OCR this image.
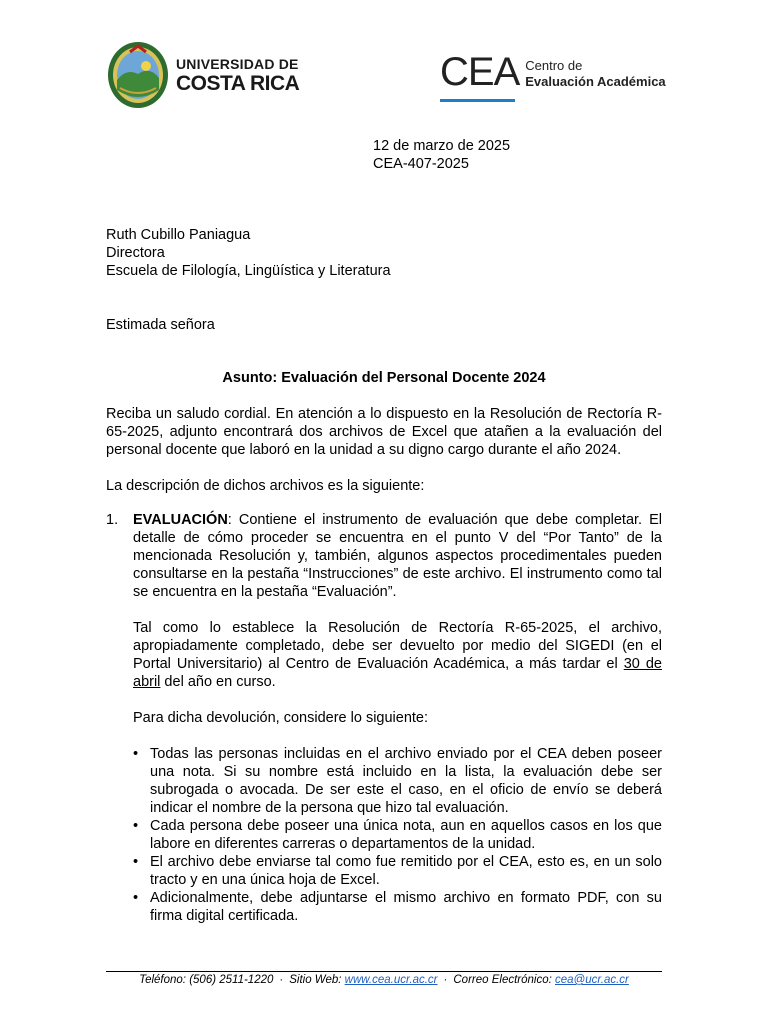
UNIVERSIDAD DE
COSTA RICA	CEA Centro de
Evaluación Académica
12 de marzo de 2025
CEA-407-2025
Ruth Cubillo Paniagua
Directora
Escuela de Filología, Lingüística y Literatura
Estimada señora
Asunto: Evaluación del Personal Docente 2024
Reciba un saludo cordial. En atención a lo dispuesto en la Resolución de Rectoría R-65-2025, adjunto encontrará dos archivos de Excel que atañen a la evaluación del personal docente que laboró en la unidad a su digno cargo durante el año 2024.
La descripción de dichos archivos es la siguiente:
1.	EVALUACIÓN: Contiene el instrumento de evaluación que debe completar. El detalle de cómo proceder se encuentra en el punto V del “Por Tanto” de la mencionada Resolución y, también, algunos aspectos procedimentales pueden consultarse en la pestaña “Instrucciones” de este archivo. El instrumento como tal se encuentra en la pestaña “Evaluación”.

Tal como lo establece la Resolución de Rectoría R-65-2025, el archivo, apropiadamente completado, debe ser devuelto por medio del SIGEDI (en el Portal Universitario) al Centro de Evaluación Académica, a más tardar el 30 de abril del año en curso.

Para dicha devolución, considere lo siguiente:

• Todas las personas incluidas en el archivo enviado por el CEA deben poseer una nota. Si su nombre está incluido en la lista, la evaluación debe ser subrogada o avocada. De ser este el caso, en el oficio de envío se deberá indicar el nombre de la persona que hizo tal evaluación.
• Cada persona debe poseer una única nota, aun en aquellos casos en los que labore en diferentes carreras o departamentos de la unidad.
• El archivo debe enviarse tal como fue remitido por el CEA, esto es, en un solo tracto y en una única hoja de Excel.
• Adicionalmente, debe adjuntarse el mismo archivo en formato PDF, con su firma digital certificada.
Teléfono: (506) 2511-1220 · Sitio Web: www.cea.ucr.ac.cr · Correo Electrónico: cea@ucr.ac.cr
